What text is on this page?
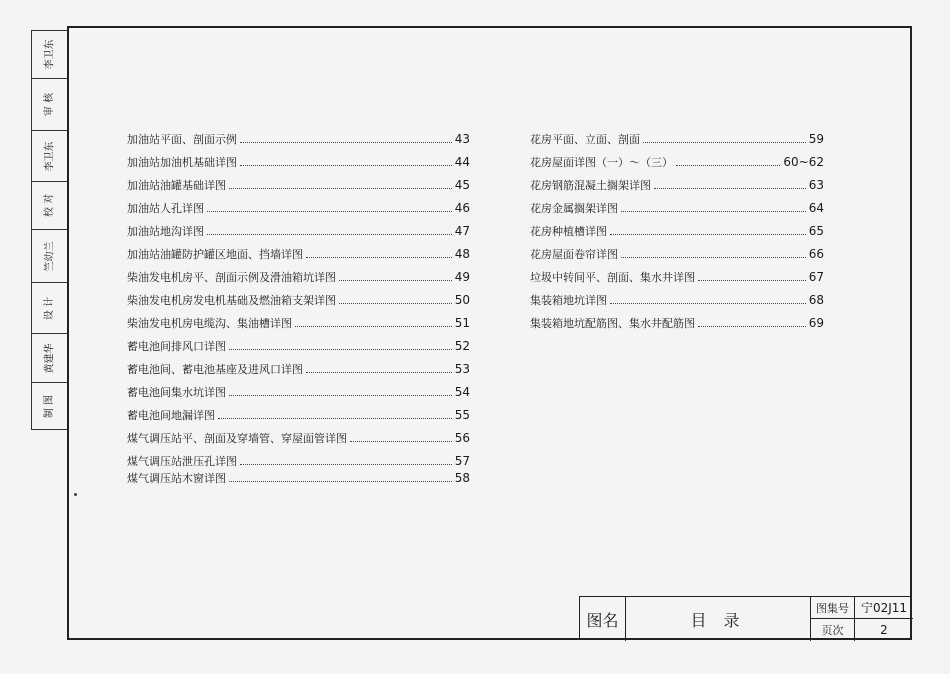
李卫东
审 核
李卫东
校 对
竺幼兰
设 计
黄建华
制 图
加油站平面、剖面示例	43
加油站加油机基础详图	44
加油站油罐基础详图	45
加油站人孔详图	46
加油站地沟详图	47
加油站油罐防护罐区地面、挡墙详图	48
柴油发电机房平、剖面示例及滑油箱坑详图	49
柴油发电机房发电机基础及燃油箱支架详图	50
柴油发电机房电缆沟、集油槽详图	51
蓄电池间排风口详图	52
蓄电池间、蓄电池基座及进风口详图	53
蓄电池间集水坑详图	54
蓄电池间地漏详图	55
煤气调压站平、剖面及穿墙管、穿屋面管详图	56
煤气调压站泄压孔详图	57
煤气调压站木窗详图	58
花房平面、立面、剖面	59
花房屋面详图（一）～（三）	60~62
花房钢筋混凝土搁架详图	63
花房金属搁架详图	64
花房种植槽详图	65
花房屋面卷帘详图	66
垃圾中转间平、剖面、集水井详图	67
集装箱地坑详图	68
集装箱地坑配筋图、集水井配筋图	69
图名	目 录
图集号 宁02J11
页次	2
